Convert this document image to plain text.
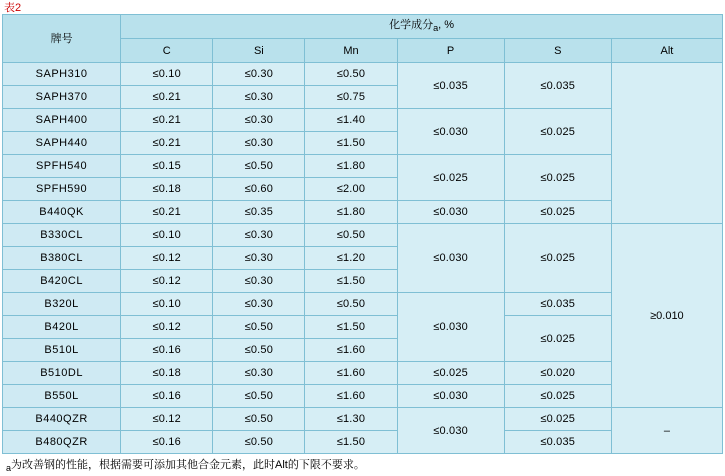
表2
牌号	化学成分$_a$, %					
	C	Si	Mn	P	S	Alt
SAPH310	≤0.10	≤0.30	≤0.50	≤0.035	≤0.035	
SAPH370	≤0.21	≤0.30	≤0.75			
SAPH400	≤0.21	≤0.30	≤1.40	≤0.030	≤0.025	
SAPH440	≤0.21	≤0.30	≤1.50			
SPFH540	≤0.15	≤0.50	≤1.80	≤0.025	≤0.025	
SPFH590	≤0.18	≤0.60	≤2.00			
B440QK	≤0.21	≤0.35	≤1.80	≤0.030	≤0.025	
B330CL	≤0.10	≤0.30	≤0.50	≤0.030	≤0.025	≥0.010
B380CL	≤0.12	≤0.30	≤1.20			
B420CL	≤0.12	≤0.30	≤1.50			
B320L	≤0.10	≤0.30	≤0.50	≤0.030	≤0.035	
B420L	≤0.12	≤0.50	≤1.50		≤0.025	
B510L	≤0.16	≤0.50	≤1.60			
B510DL	≤0.18	≤0.30	≤1.60	≤0.025	≤0.020	
B550L	≤0.16	≤0.50	≤1.60	≤0.030	≤0.025	
B440QZR	≤0.12	≤0.50	≤1.30	≤0.030	≤0.025	–
B480QZR	≤0.16	≤0.50	≤1.50		≤0.035	
$_a$为改善钢的性能，根据需要可添加其他合金元素，此时Alt的下限不要求。
